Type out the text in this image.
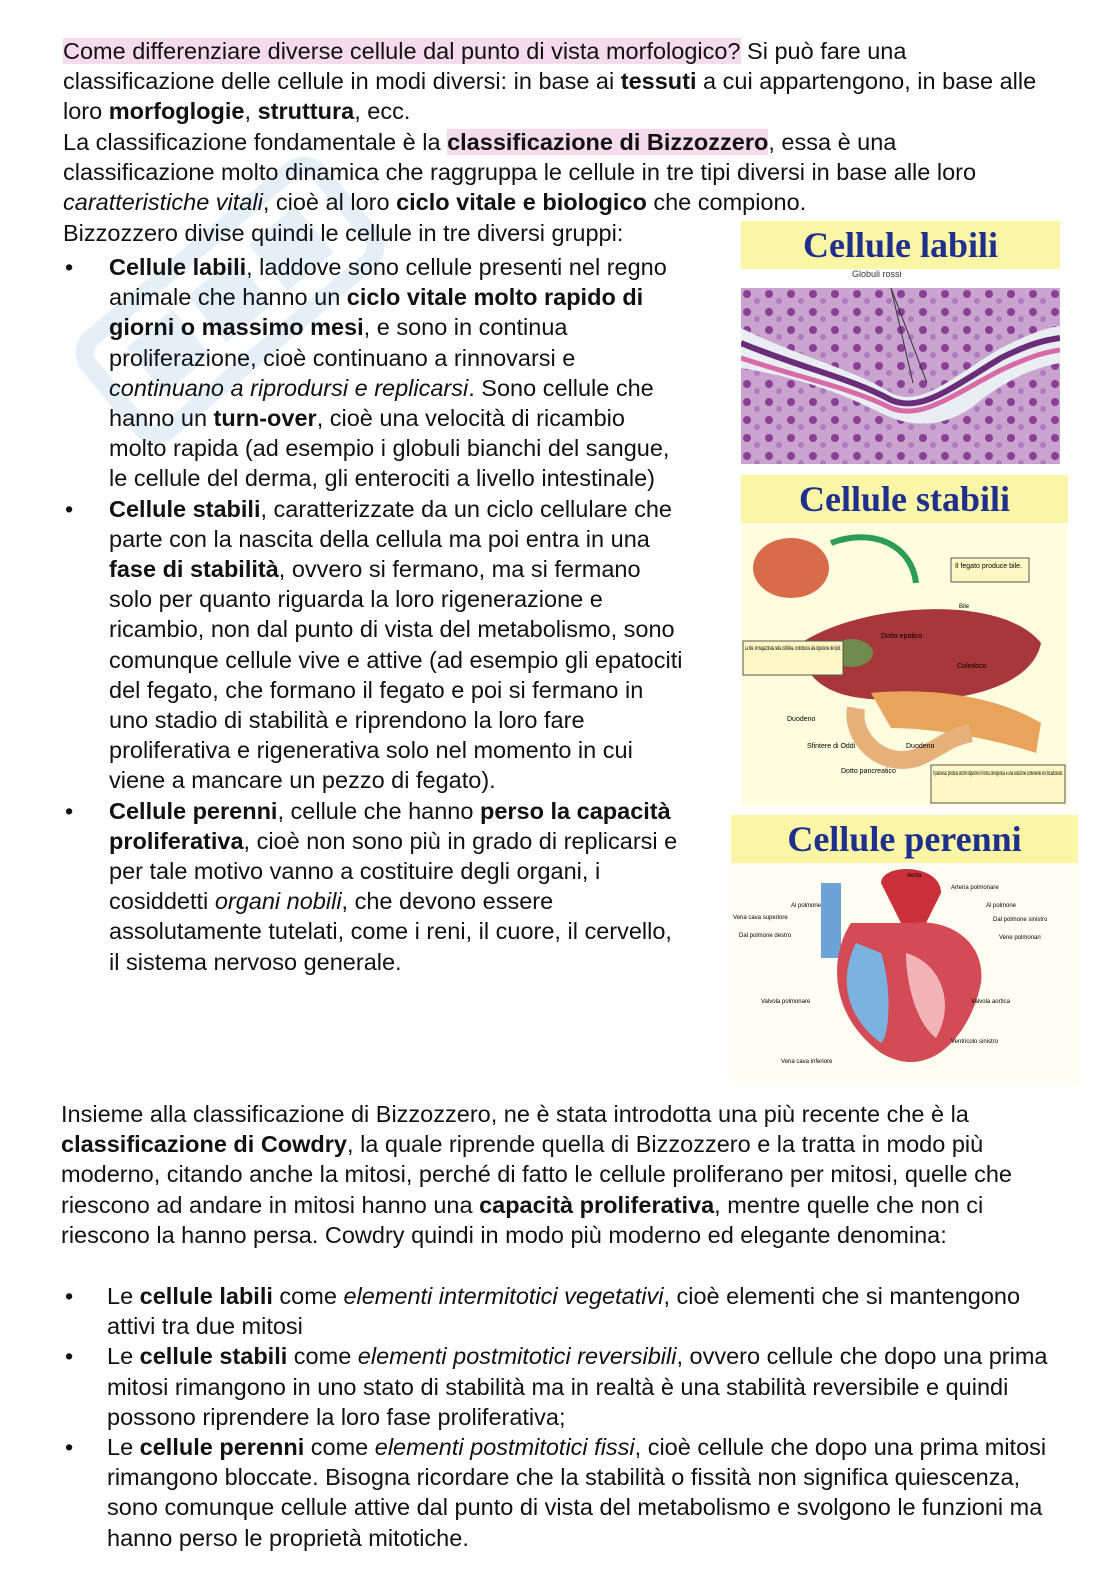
Come differenziare diverse cellule dal punto di vista morfologico? Si può fare una classificazione delle cellule in modi diversi: in base ai tessuti a cui appartengono, in base alle loro morfoglogie, struttura, ecc.

La classificazione fondamentale è la classificazione di Bizzozzero, essa è una classificazione molto dinamica che raggruppa le cellule in tre tipi diversi in base alle loro caratteristiche vitali, cioè al loro ciclo vitale e biologico che compiono.

Bizzozzero divise quindi le cellule in tre diversi gruppi:

• Cellule labili, laddove sono cellule presenti nel regno animale che hanno un ciclo vitale molto rapido di giorni o massimo mesi, e sono in continua proliferazione, cioè continuano a rinnovarsi e continuano a riprodursi e replicarsi. Sono cellule che hanno un turn-over, cioè una velocità di ricambio molto rapida (ad esempio i globuli bianchi del sangue, le cellule del derma, gli enterociti a livello intestinale)
• Cellule stabili, caratterizzate da un ciclo cellulare che parte con la nascita della cellula ma poi entra in una fase di stabilità, ovvero si fermano, ma si fermano solo per quanto riguarda la loro rigenerazione e ricambio, non dal punto di vista del metabolismo, sono comunque cellule vive e attive (ad esempio gli epatociti del fegato, che formano il fegato e poi si fermano in uno stadio di stabilità e riprendono la loro fare proliferativa e rigenerativa solo nel momento in cui viene a mancare un pezzo di fegato).
• Cellule perenni, cellule che hanno perso la capacità proliferativa, cioè non sono più in grado di replicarsi e per tale motivo vanno a costituire degli organi, i cosiddetti organi nobili, che devono essere assolutamente tutelati, come i reni, il cuore, il cervello, il sistema nervoso generale.
Cellule labili
Globuli rossi
Cellule stabili
Il fegato produce bile.
Dotto epatico
La bile, immagazzinata nella cistifellea, contribuisce alla digestione dei lipidi.
Coledoco
Duodeno
Sfintere di Oddi	Duodeno
Dotto pancreatico	Il pancreas produce enzimi digestivi in forma zimogenica e una soluzione contenente ioni bicarbonato.
Bile
Cellule perenni
Aorta
Arteria polmonare
Al polmone	Al polmone
Vena cava superiore
Dal polmone destro
Dal polmone sinistro
Vene polmonari
Valvola polmonare	Valvola aortica
Ventricolo sinistro
Vena cava inferiore

Insieme alla classificazione di Bizzozzero, ne è stata introdotta una più recente che è la classificazione di Cowdry, la quale riprende quella di Bizzozzero e la tratta in modo più moderno, citando anche la mitosi, perché di fatto le cellule proliferano per mitosi, quelle che riescono ad andare in mitosi hanno una capacità proliferativa, mentre quelle che non ci riescono la hanno persa. Cowdry quindi in modo più moderno ed elegante denomina:

• Le cellule labili come elementi intermitotici vegetativi, cioè elementi che si mantengono attivi tra due mitosi
• Le cellule stabili come elementi postmitotici reversibili, ovvero cellule che dopo una prima mitosi rimangono in uno stato di stabilità ma in realtà è una stabilità reversibile e quindi possono riprendere la loro fase proliferativa;
• Le cellule perenni come elementi postmitotici fissi, cioè cellule che dopo una prima mitosi rimangono bloccate. Bisogna ricordare che la stabilità o fissità non significa quiescenza, sono comunque cellule attive dal punto di vista del metabolismo e svolgono le funzioni ma hanno perso le proprietà mitotiche.
